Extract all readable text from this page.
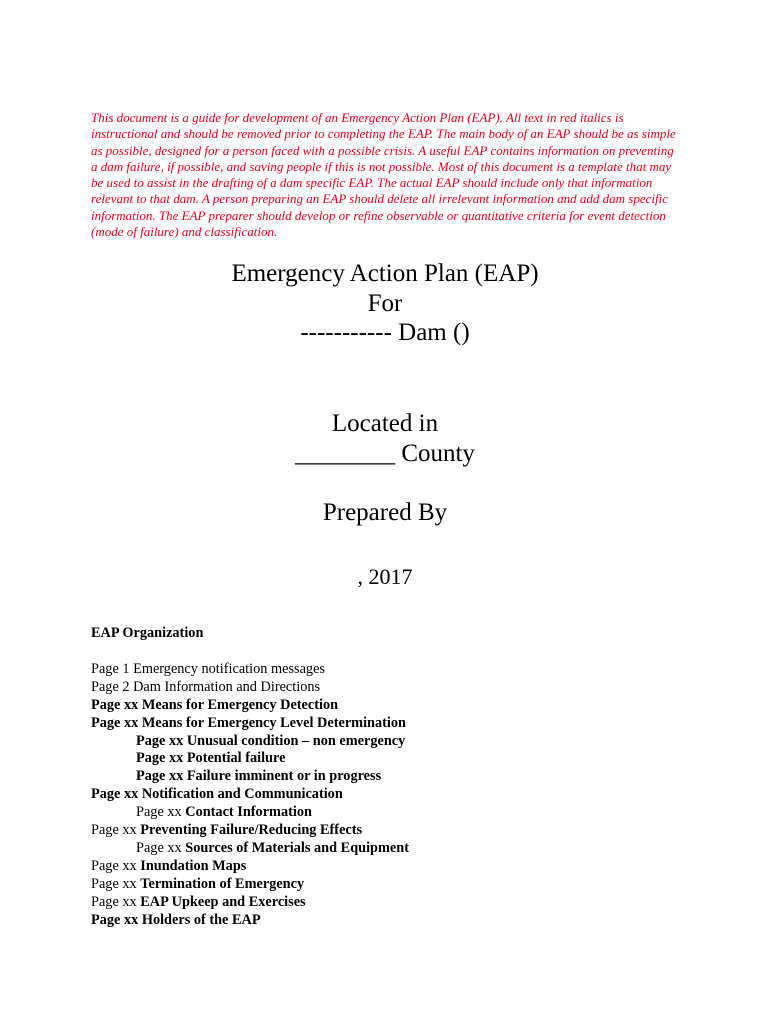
This document is a guide for development of an Emergency Action Plan (EAP). All text in red italics is instructional and should be removed prior to completing the EAP. The main body of an EAP should be as simple as possible, designed for a person faced with a possible crisis. A useful EAP contains information on preventing a dam failure, if possible, and saving people if this is not possible. Most of this document is a template that may be used to assist in the drafting of a dam specific EAP. The actual EAP should include only that information relevant to that dam. A person preparing an EAP should delete all irrelevant information and add dam specific information. The EAP preparer should develop or refine observable or quantitative criteria for event detection (mode of failure) and classification.

Emergency Action Plan (EAP)
For
----------- Dam ()
Located in
________ County
Prepared By
, 2017
EAP Organization
Page 1 Emergency notification messages
Page 2 Dam Information and Directions
Page xx Means for Emergency Detection
Page xx Means for Emergency Level Determination
Page xx Unusual condition – non emergency
Page xx Potential failure
Page xx Failure imminent or in progress
Page xx Notification and Communication
Page xx Contact Information
Page xx Preventing Failure/Reducing Effects
Page xx Sources of Materials and Equipment
Page xx Inundation Maps
Page xx Termination of Emergency
Page xx EAP Upkeep and Exercises
Page xx Holders of the EAP
